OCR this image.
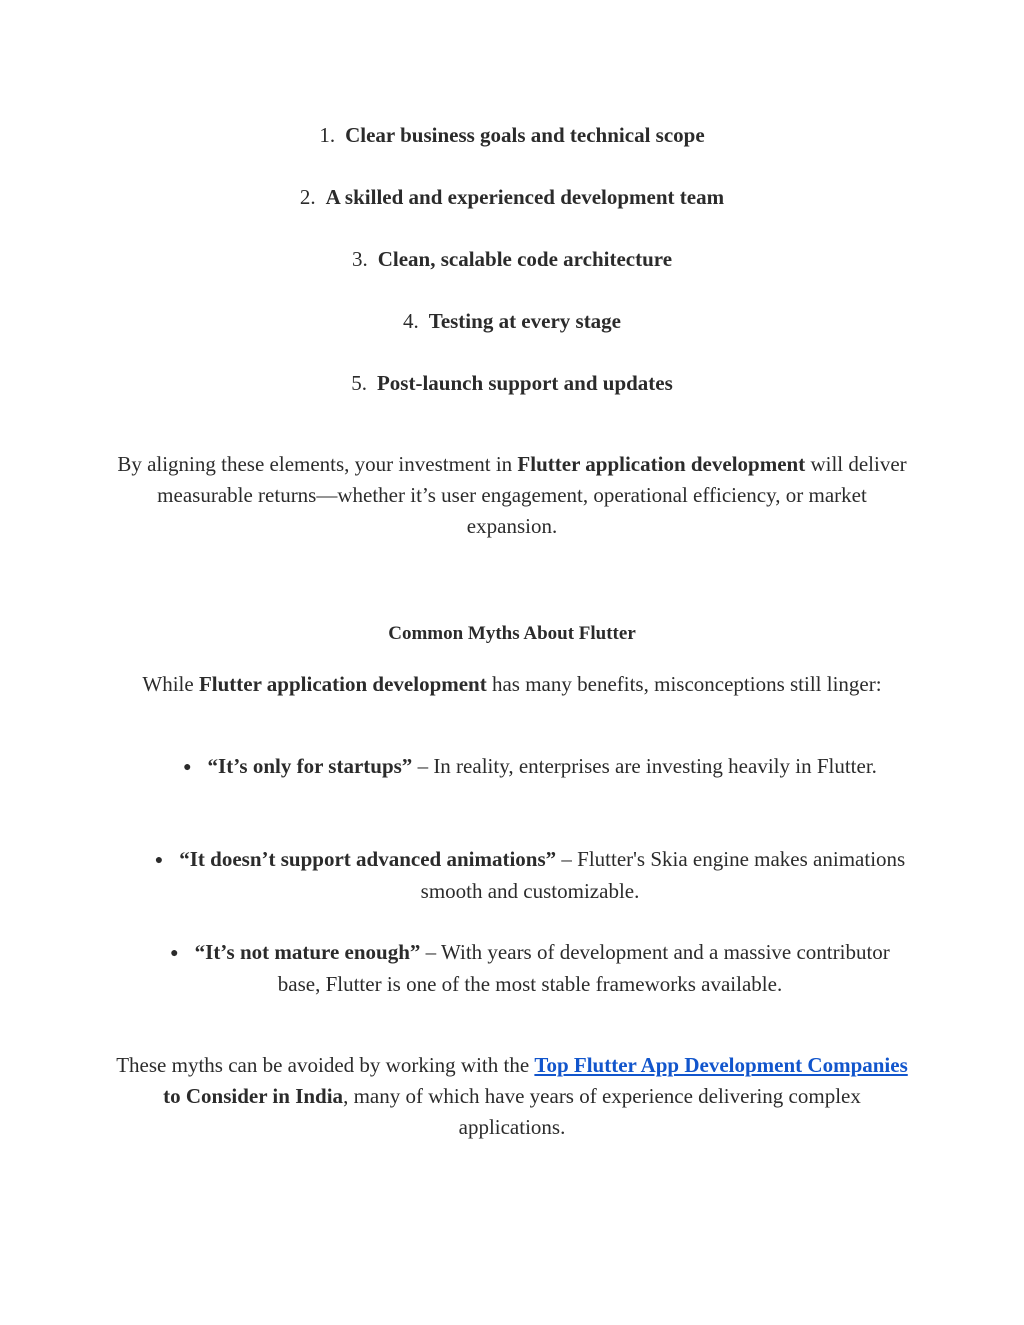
1. Clear business goals and technical scope
2. A skilled and experienced development team
3. Clean, scalable code architecture
4. Testing at every stage
5. Post-launch support and updates

By aligning these elements, your investment in Flutter application development will deliver measurable returns—whether it’s user engagement, operational efficiency, or market expansion.

Common Myths About Flutter

While Flutter application development has many benefits, misconceptions still linger:

● “It’s only for startups” – In reality, enterprises are investing heavily in Flutter.
● “It doesn’t support advanced animations” – Flutter's Skia engine makes animations smooth and customizable.
● “It’s not mature enough” – With years of development and a massive contributor base, Flutter is one of the most stable frameworks available.

These myths can be avoided by working with the Top Flutter App Development Companies to Consider in India, many of which have years of experience delivering complex applications.
